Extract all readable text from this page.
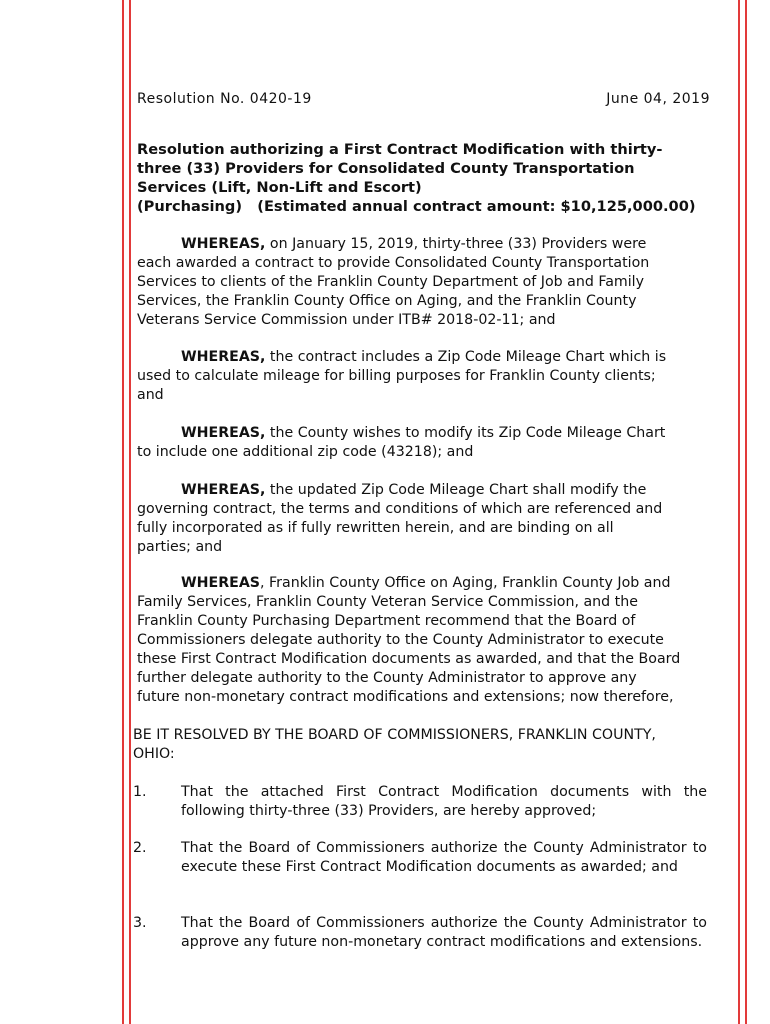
Resolution No. 0420-19	June 04, 2019
Resolution authorizing a First Contract Modification with thirty-
three (33) Providers for Consolidated County Transportation
Services (Lift, Non-Lift and Escort)
(Purchasing)   (Estimated annual contract amount: $10,125,000.00)
WHEREAS, on January 15, 2019, thirty-three (33) Providers were
each awarded a contract to provide Consolidated County Transportation
Services to clients of the Franklin County Department of Job and Family
Services, the Franklin County Office on Aging, and the Franklin County
Veterans Service Commission under ITB# 2018-02-11; and
WHEREAS, the contract includes a Zip Code Mileage Chart which is
used to calculate mileage for billing purposes for Franklin County clients;
and
WHEREAS, the County wishes to modify its Zip Code Mileage Chart
to include one additional zip code (43218); and
WHEREAS, the updated Zip Code Mileage Chart shall modify the
governing contract, the terms and conditions of which are referenced and
fully incorporated as if fully rewritten herein, and are binding on all
parties; and
WHEREAS, Franklin County Office on Aging, Franklin County Job and
Family Services, Franklin County Veteran Service Commission, and the
Franklin County Purchasing Department recommend that the Board of
Commissioners delegate authority to the County Administrator to execute
these First Contract Modification documents as awarded, and that the Board
further delegate authority to the County Administrator to approve any
future non-monetary contract modifications and extensions; now therefore,
BE IT RESOLVED BY THE BOARD OF COMMISSIONERS, FRANKLIN COUNTY,
OHIO:
1. That the attached First Contract Modification documents with the following thirty-three (33) Providers, are hereby approved;
2. That the Board of Commissioners authorize the County Administrator to execute these First Contract Modification documents as awarded; and
3. That the Board of Commissioners authorize the County Administrator to approve any future non-monetary contract modifications and extensions.
